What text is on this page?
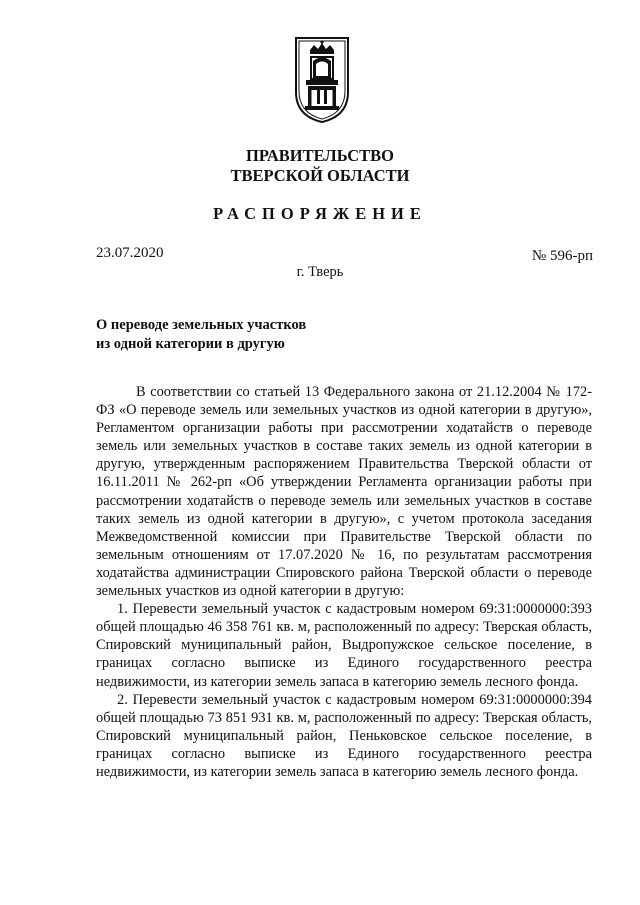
ПРАВИТЕЛЬСТВО
ТВЕРСКОЙ ОБЛАСТИ
РАСПОРЯЖЕНИЕ
23.07.2020	№ 596-рп
г. Тверь
О переводе земельных участков
из одной категории в другую

В соответствии со статьей 13 Федерального закона от 21.12.2004 № 172-ФЗ «О переводе земель или земельных участков из одной категории в другую», Регламентом организации работы при рассмотрении ходатайств о переводе земель или земельных участков в составе таких земель из одной категории в другую, утвержденным распоряжением Правительства Тверской области от 16.11.2011 № 262-рп «Об утверждении Регламента организации работы при рассмотрении ходатайств о переводе земель или земельных участков в составе таких земель из одной категории в другую», с учетом протокола заседания Межведомственной комиссии при Правительстве Тверской области по земельным отношениям от 17.07.2020 № 16, по результатам рассмотрения ходатайства администрации Спировского района Тверской области о переводе земельных участков из одной категории в другую:

1. Перевести земельный участок с кадастровым номером 69:31:0000000:393 общей площадью 46 358 761 кв. м, расположенный по адресу: Тверская область, Спировский муниципальный район, Выдропужское сельское поселение, в границах согласно выписке из Единого государственного реестра недвижимости, из категории земель запаса в категорию земель лесного фонда.

2. Перевести земельный участок с кадастровым номером 69:31:0000000:394 общей площадью 73 851 931 кв. м, расположенный по адресу: Тверская область, Спировский муниципальный район, Пеньковское сельское поселение, в границах согласно выписке из Единого государственного реестра недвижимости, из категории земель запаса в категорию земель лесного фонда.
